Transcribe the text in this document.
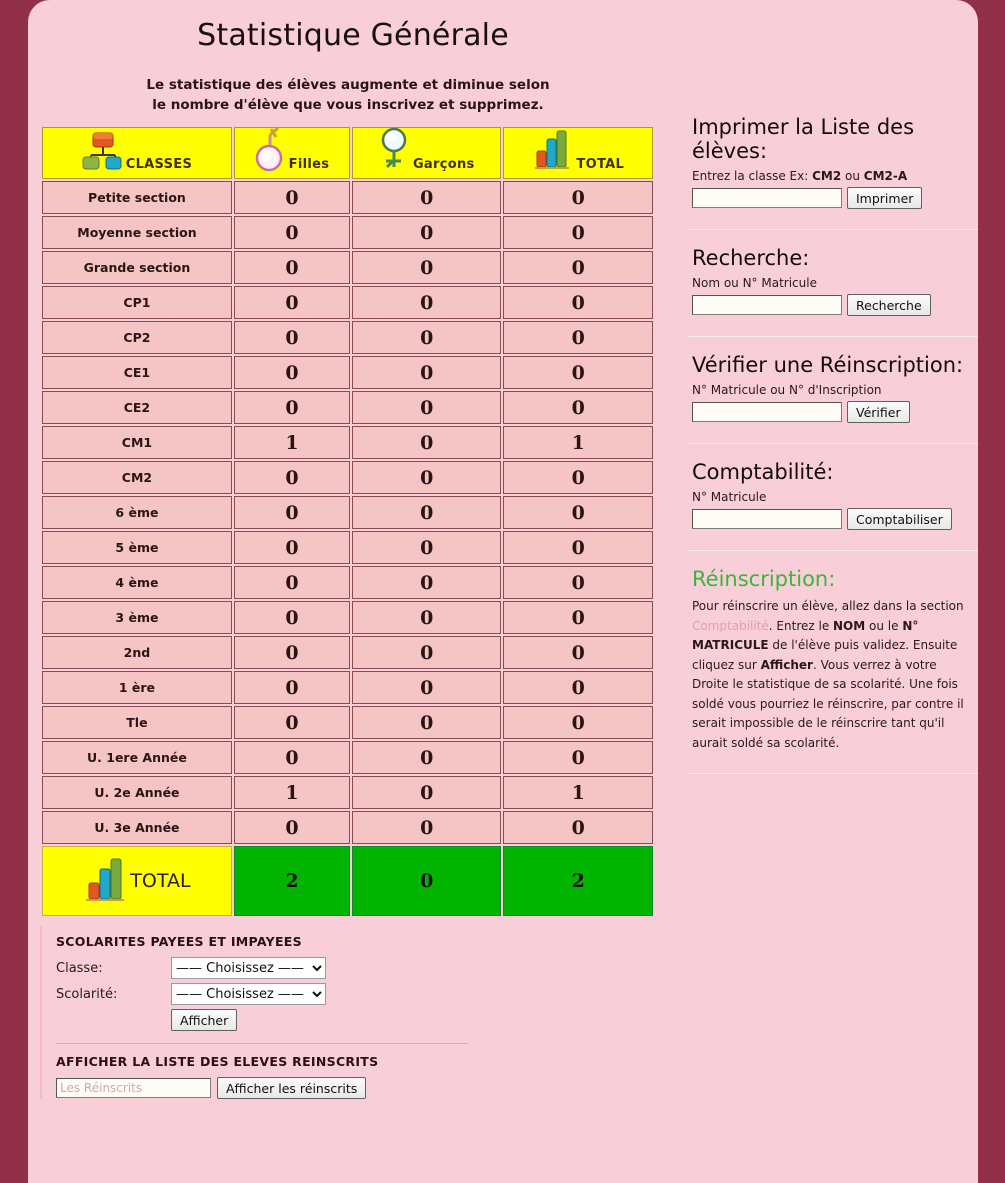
Statistique Générale
Le statistique des élèves augmente et diminue selon
le nombre d'élève que vous inscrivez et supprimez.
CLASSES	Filles	Garçons	TOTAL

Petite section	0	0	0
Moyenne section	0	0	0
Grande section	0	0	0
CP1	0	0	0
CP2	0	0	0
CE1	0	0	0
CE2	0	0	0
CM1	1	0	1
CM2	0	0	0
6 ème	0	0	0
5 ème	0	0	0
4 ème	0	0	0
3 ème	0	0	0
2nd	0	0	0
1 ère	0	0	0
Tle	0	0	0
U. 1ere Année	0	0	0
U. 2e Année	1	0	1
U. 3e Année	0	0	0

TOTAL	2	0	2
SCOLARITES PAYEES ET IMPAYEES
Classe:
—— Choisissez ——
Scolarité:
—— Choisissez ——
Afficher
AFFICHER LA LISTE DES ELEVES REINSCRITS
Les Réinscrits
Afficher les réinscrits
Imprimer la Liste des élèves:
Entrez la classe Ex: CM2 ou CM2-A
Imprimer
Recherche:
Nom ou N° Matricule
Recherche
Vérifier une Réinscription:
N° Matricule ou N° d'Inscription
Vérifier
Comptabilité:
N° Matricule
Comptabiliser
Réinscription:
Pour réinscrire un élève, allez dans la section Comptabilité. Entrez le NOM ou le N° MATRICULE de l'élève puis validez. Ensuite cliquez sur Afficher. Vous verrez à votre Droite le statistique de sa scolarité. Une fois soldé vous pourriez le réinscrire, par contre il serait impossible de le réinscrire tant qu'il aurait soldé sa scolarité.
